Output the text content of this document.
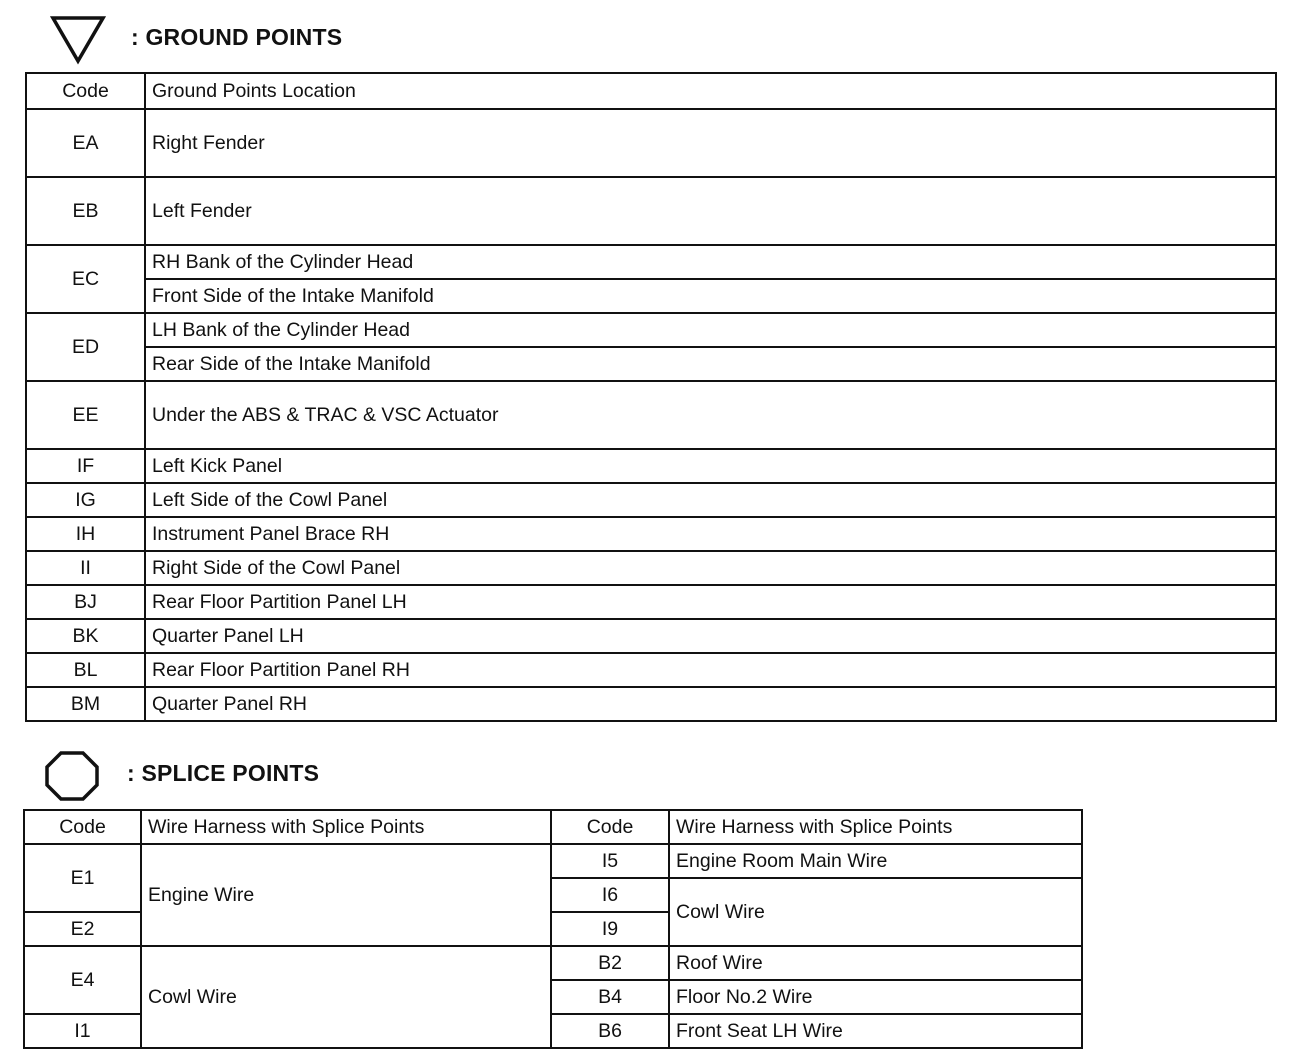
: GROUND POINTS
Code	Ground Points Location
EA	Right Fender
EB	Left Fender
EC	RH Bank of the Cylinder Head
	Front Side of the Intake Manifold
ED	LH Bank of the Cylinder Head
	Rear Side of the Intake Manifold
EE	Under the ABS & TRAC & VSC Actuator
IF	Left Kick Panel
IG	Left Side of the Cowl Panel
IH	Instrument Panel Brace RH
II	Right Side of the Cowl Panel
BJ	Rear Floor Partition Panel LH
BK	Quarter Panel LH
BL	Rear Floor Partition Panel RH
BM	Quarter Panel RH
: SPLICE POINTS
Code	Wire Harness with Splice Points	Code	Wire Harness with Splice Points
E1	Engine Wire	I5	Engine Room Main Wire
		I6	Cowl Wire
E2		I9	
E4	Cowl Wire	B2	Roof Wire
		B4	Floor No.2 Wire
I1		B6	Front Seat LH Wire
